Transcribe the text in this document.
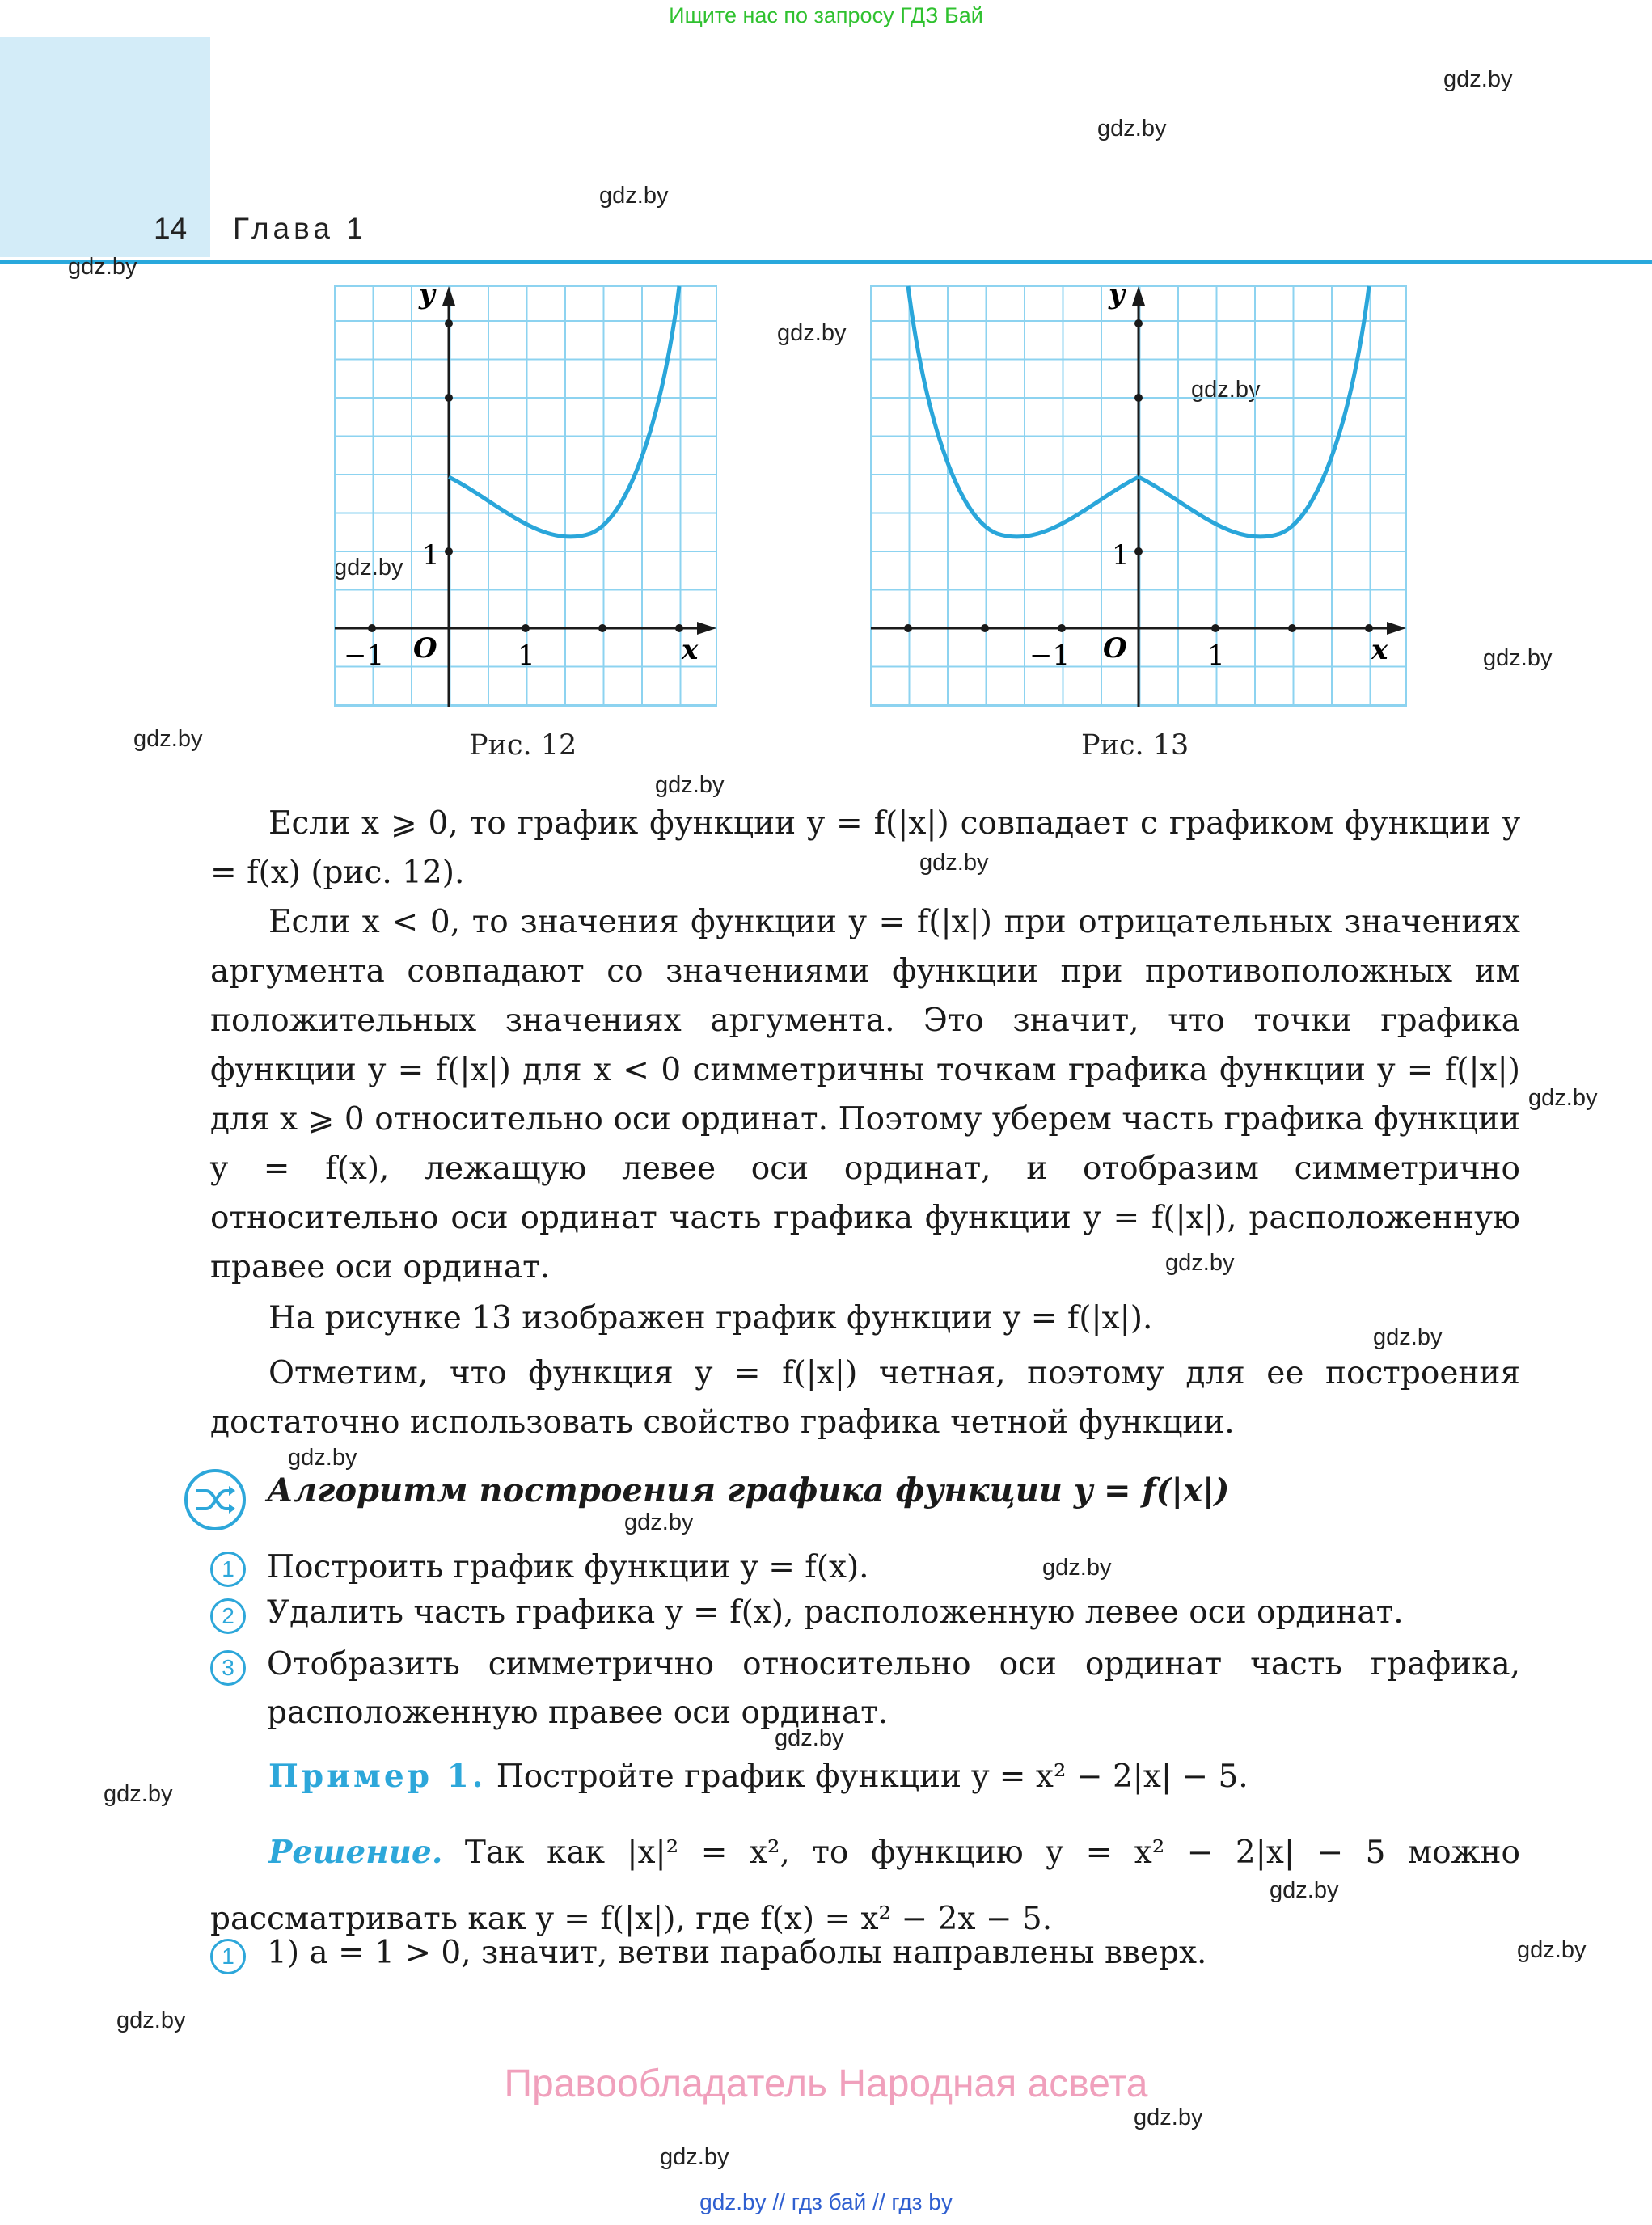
Ищите нас по запросу ГДЗ Бай
14 Глава 1
gdz.by
gdz.by
gdz.by
gdz.by
gdz.by
gdz.by
gdz.by
gdz.by
gdz.by
gdz.by
gdz.by
gdz.by
gdz.by
gdz.by
gdz.by
gdz.by
gdz.by
gdz.by
gdz.by
gdz.by
gdz.by
gdz.by
gdz.by
gdz.by
y
x
O
−1	1
1
Рис. 12
y
x
O
−1	1
1
Рис. 13
Если x ⩾ 0, то график функции y = f(|x|) совпадает с графиком функции y = f(x) (рис. 12).
Если x < 0, то значения функции y = f(|x|) при отрицательных значениях аргумента совпадают со значениями функции при противоположных им положительных значениях аргумента. Это значит, что точки графика функции y = f(|x|) для x < 0 симметричны точкам графика функции y = f(|x|) для x ⩾ 0 относительно оси ординат. Поэтому уберем часть графика функции y = f(x), лежащую левее оси ординат, и отобразим симметрично относительно оси ординат часть графика функции y = f(|x|), расположенную правее оси ординат.
На рисунке 13 изображен график функции y = f(|x|).
Отметим, что функция y = f(|x|) четная, поэтому для ее построения достаточно использовать свойство графика четной функции.
Алгоритм построения графика функции y = f(|x|)
1	Построить график функции y = f(x).
2	Удалить часть графика y = f(x), расположенную левее оси ординат.
3	Отобразить симметрично относительно оси ординат часть графика, расположенную правее оси ординат.
Пример 1. Постройте график функции y = x² − 2|x| − 5.
Решение. Так как |x|² = x², то функцию y = x² − 2|x| − 5 можно рассматривать как y = f(|x|), где f(x) = x² − 2x − 5.
1	1) a = 1 > 0, значит, ветви параболы направлены вверх.
Правообладатель Народная асвета
gdz.by // гдз бай // гдз by
